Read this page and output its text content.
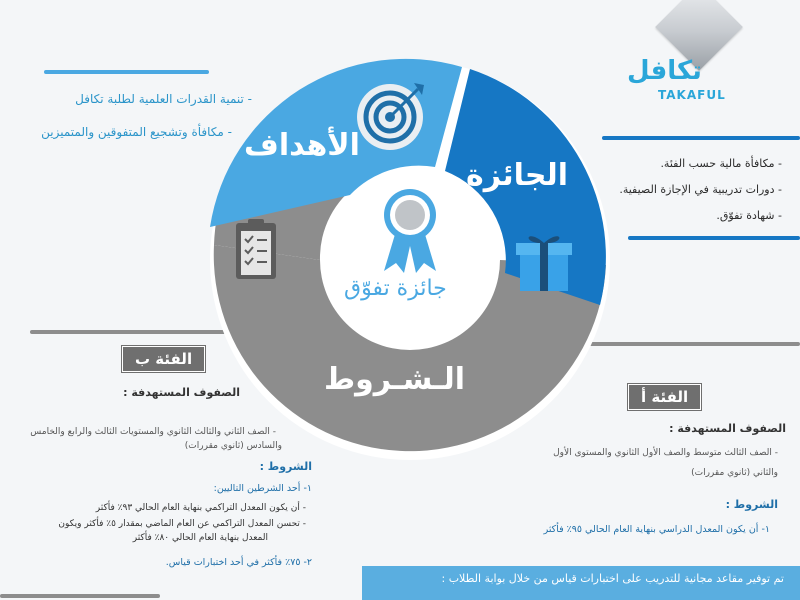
تكافل
TAKAFUL
الأهداف
الجائزة
الـشـروط
جائزة تفوّق
- تنمية القدرات العلمية لطلبة تكافل
- مكافأة وتشجيع المتفوقين والمتميزين
- مكافأة مالية حسب الفئة.
- دورات تدريبية في الإجازة الصيفية.
- شهادة تفوّق.
الفئة ب
الصفوف المستهدفة :
- الصف الثاني والثالث الثانوي والمستويات الثالث والرابع والخامس
والسادس (ثانوي مقررات)
الشروط :
١- أحد الشرطين التاليين:
- أن يكون المعدل التراكمي بنهاية العام الحالي ٩٣٪ فأكثر
- تحسن المعدل التراكمي عن العام الماضي بمقدار ٥٪ فأكثر ويكون
المعدل بنهاية العام الحالي ٨٠٪ فأكثر
٢- ٧٥٪ فأكثر في أحد اختبارات قياس.
الفئة أ
الصفوف المستهدفة :
- الصف الثالث متوسط والصف الأول الثانوي والمستوى الأول
والثاني (ثانوي مقررات)
الشروط :
١- أن يكون المعدل الدراسي بنهاية العام الحالي ٩٥٪ فأكثر
تم توفير مقاعد مجانية للتدريب على اختبارات قياس من خلال بوابة الطلاب :
